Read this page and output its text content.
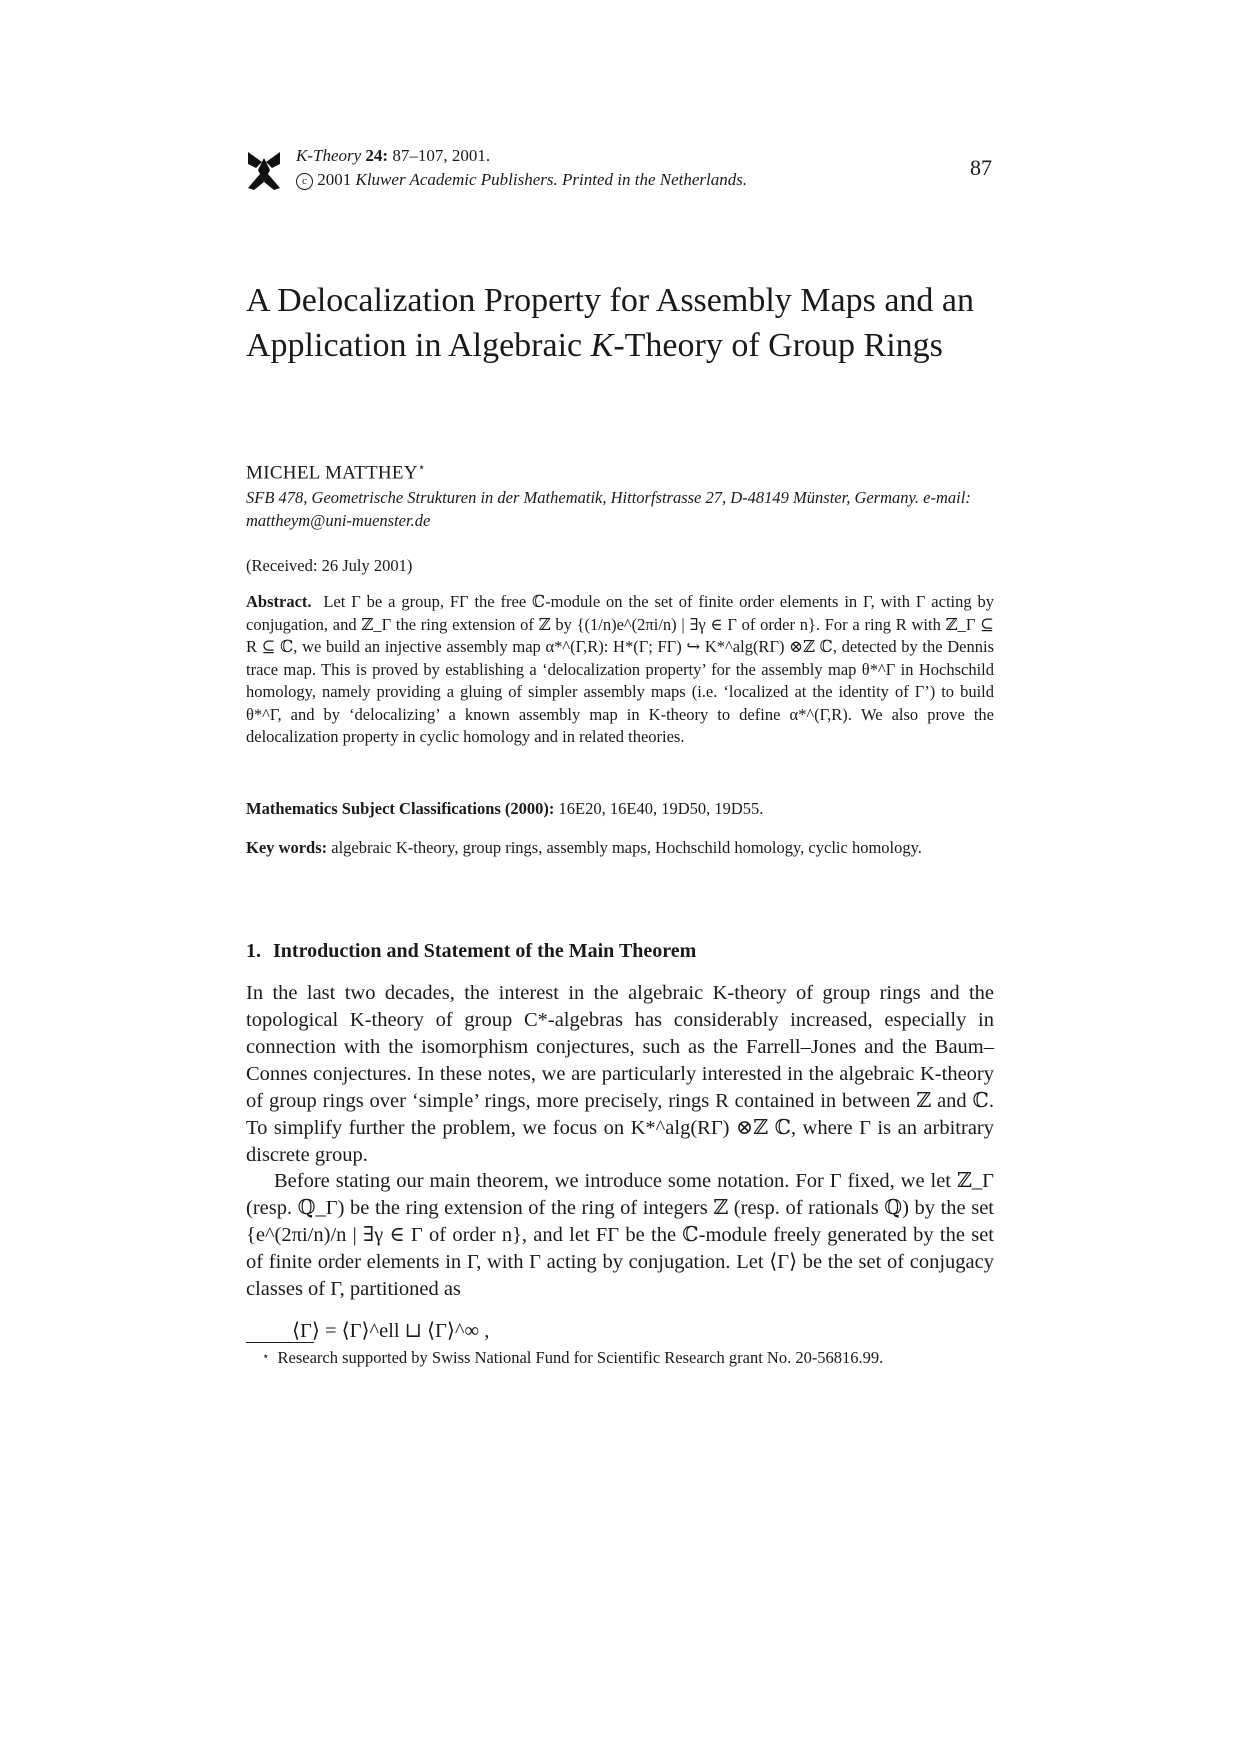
K-Theory 24: 87–107, 2001.
c 2001 Kluwer Academic Publishers. Printed in the Netherlands.	87
A Delocalization Property for Assembly Maps and an Application in Algebraic K-Theory of Group Rings
MICHEL MATTHEY⋆
SFB 478, Geometrische Strukturen in der Mathematik, Hittorfstrasse 27, D-48149 Münster, Germany. e-mail: mattheym@uni-muenster.de
(Received: 26 July 2001)

Abstract. Let Γ be a group, FΓ the free ℂ-module on the set of finite order elements in Γ, with Γ acting by conjugation, and ℤ_Γ the ring extension of ℤ by {(1/n)e^(2πi/n) | ∃γ ∈ Γ of order n}. For a ring R with ℤ_Γ ⊆ R ⊆ ℂ, we build an injective assembly map α*^(Γ,R): H*(Γ; FΓ) ↪ K*^alg(RΓ) ⊗ℤ ℂ, detected by the Dennis trace map. This is proved by establishing a ‘delocalization property’ for the assembly map θ*^Γ in Hochschild homology, namely providing a gluing of simpler assembly maps (i.e. ‘localized at the identity of Γ’) to build θ*^Γ, and by ‘delocalizing’ a known assembly map in K-theory to define α*^(Γ,R). We also prove the delocalization property in cyclic homology and in related theories.

Mathematics Subject Classifications (2000): 16E20, 16E40, 19D50, 19D55.

Key words: algebraic K-theory, group rings, assembly maps, Hochschild homology, cyclic homology.

1. Introduction and Statement of the Main Theorem

In the last two decades, the interest in the algebraic K-theory of group rings and the topological K-theory of group C*-algebras has considerably increased, especially in connection with the isomorphism conjectures, such as the Farrell–Jones and the Baum–Connes conjectures. In these notes, we are particularly interested in the algebraic K-theory of group rings over ‘simple’ rings, more precisely, rings R contained in between ℤ and ℂ. To simplify further the problem, we focus on K*^alg(RΓ) ⊗ℤ ℂ, where Γ is an arbitrary discrete group.

Before stating our main theorem, we introduce some notation. For Γ fixed, we let ℤ_Γ (resp. ℚ_Γ) be the ring extension of the ring of integers ℤ (resp. of rationals ℚ) by the set {e^(2πi/n)/n | ∃γ ∈ Γ of order n}, and let FΓ be the ℂ-module freely generated by the set of finite order elements in Γ, with Γ acting by conjugation. Let ⟨Γ⟩ be the set of conjugacy classes of Γ, partitioned as

⟨Γ⟩ = ⟨Γ⟩^ell ⊔ ⟨Γ⟩^∞ ,
⋆ Research supported by Swiss National Fund for Scientific Research grant No. 20-56816.99.
